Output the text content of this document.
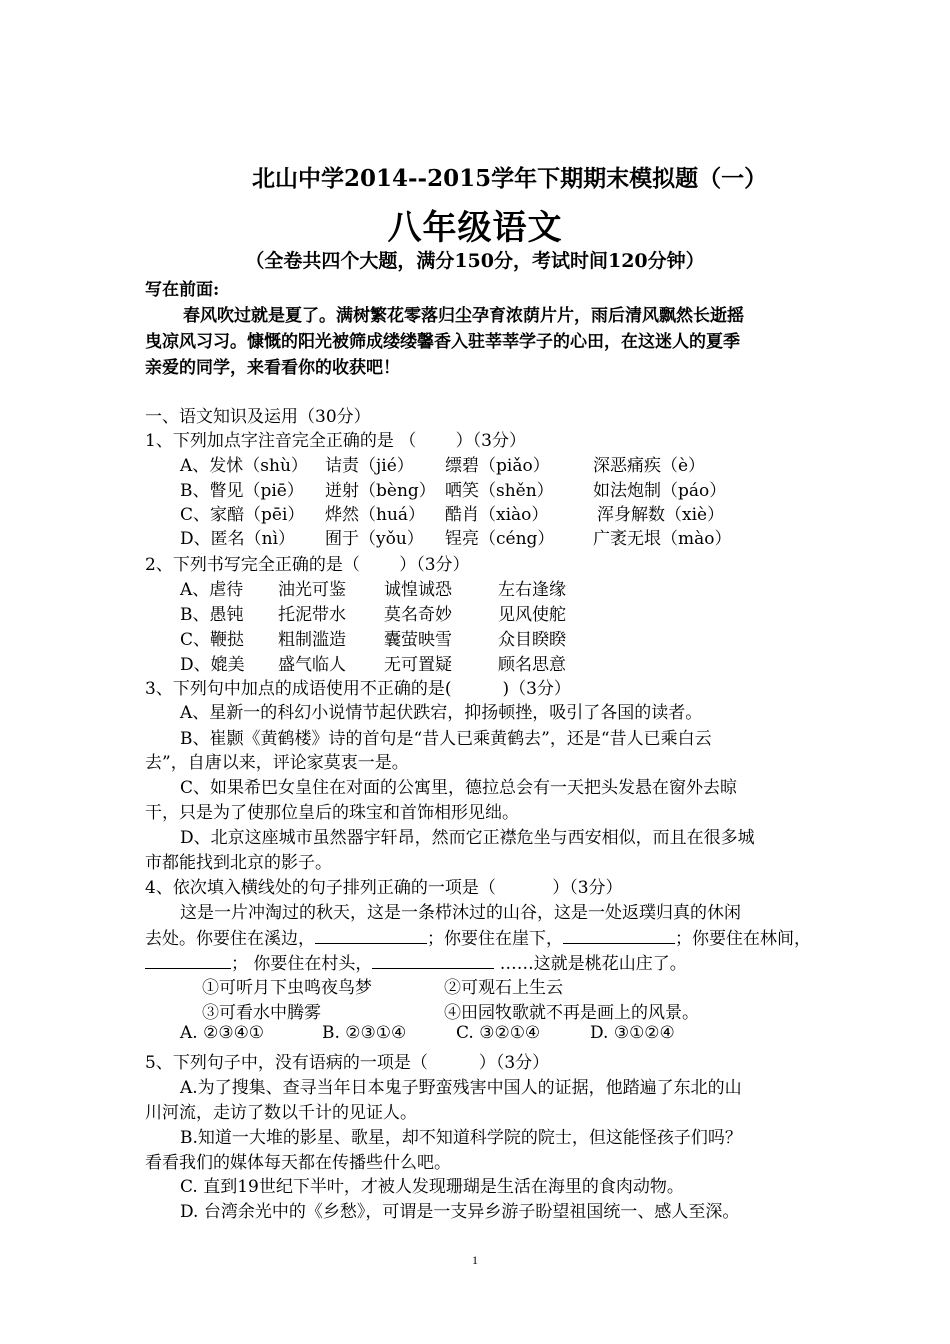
北山中学2014--2015学年下期期末模拟题（一）
八年级语文
（全卷共四个大题，满分150分，考试时间120分钟）
写在前面:
春风吹过就是夏了。满树繁花零落归尘孕育浓荫片片，雨后清风飘然长逝摇
曳凉风习习。慷慨的阳光被筛成缕缕馨香入驻莘莘学子的心田，在这迷人的夏季
亲爱的同学，来看看你的收获吧！
一、语文知识及运用（30分）
1、下列加点字注音完全正确的是 （　　 ）（3分）
A、发怵（shù） 诘责（jié） 缥碧（piǎo）	深恶痛疾（è）
B、瞥见（piē） 迸射（bèng） 哂笑（shěn） 如法炮制（páo）
C、家醅（pēi） 烨然（huá） 酷肖（xiào）	浑身解数（xiè）
D、匿名（nì） 囿于（yǒu） 锃亮（céng） 广袤无垠（mào）
2、下列书写完全正确的是（　　 ）（3分）
A、虐待 油光可鉴 诚惶诚恐	左右逢缘
B、愚钝 托泥带水 莫名奇妙	见风使舵
C、鞭挞 粗制滥造 囊萤映雪	众目睽睽
D、媲美 盛气临人 无可置疑	顾名思意
3、下列句中加点的成语使用不正确的是(　　　)（3分）
A、星新一的科幻小说情节起伏跌宕，抑扬顿挫，吸引了各国的读者。
B、崔颢《黄鹤楼》诗的首句是“昔人已乘黄鹤去”，还是“昔人已乘白云
去”，自唐以来，评论家莫衷一是。
C、如果希巴女皇住在对面的公寓里，德拉总会有一天把头发悬在窗外去晾
干，只是为了使那位皇后的珠宝和首饰相形见绌。
D、北京这座城市虽然器宇轩昂，然而它正襟危坐与西安相似，而且在很多城
市都能找到北京的影子。
4、依次填入横线处的句子排列正确的一项是（　　　 ）（3分）
这是一片冲淘过的秋天，这是一条栉沐过的山谷，这是一处返璞归真的休闲
去处。你要住在溪边，	；你要住在崖下，	；你要住在林间，
； 你要住在村头，	……这就是桃花山庄了。
①可听月下虫鸣夜鸟梦	②可观石上生云
③可看水中腾雾	④田园牧歌就不再是画上的风景。
A. ②③④①	B. ②③①④	C. ③②①④	D. ③①②④
5、下列句子中，没有语病的一项是（　　　）（3分）
A.为了搜集、查寻当年日本鬼子野蛮残害中国人的证据，他踏遍了东北的山
川河流，走访了数以千计的见证人。
B.知道一大堆的影星、歌星，却不知道科学院的院士，但这能怪孩子们吗？
看看我们的媒体每天都在传播些什么吧。
C. 直到19世纪下半叶，才被人发现珊瑚是生活在海里的食肉动物。
D. 台湾余光中的《乡愁》，可谓是一支异乡游子盼望祖国统一、感人至深。
1
